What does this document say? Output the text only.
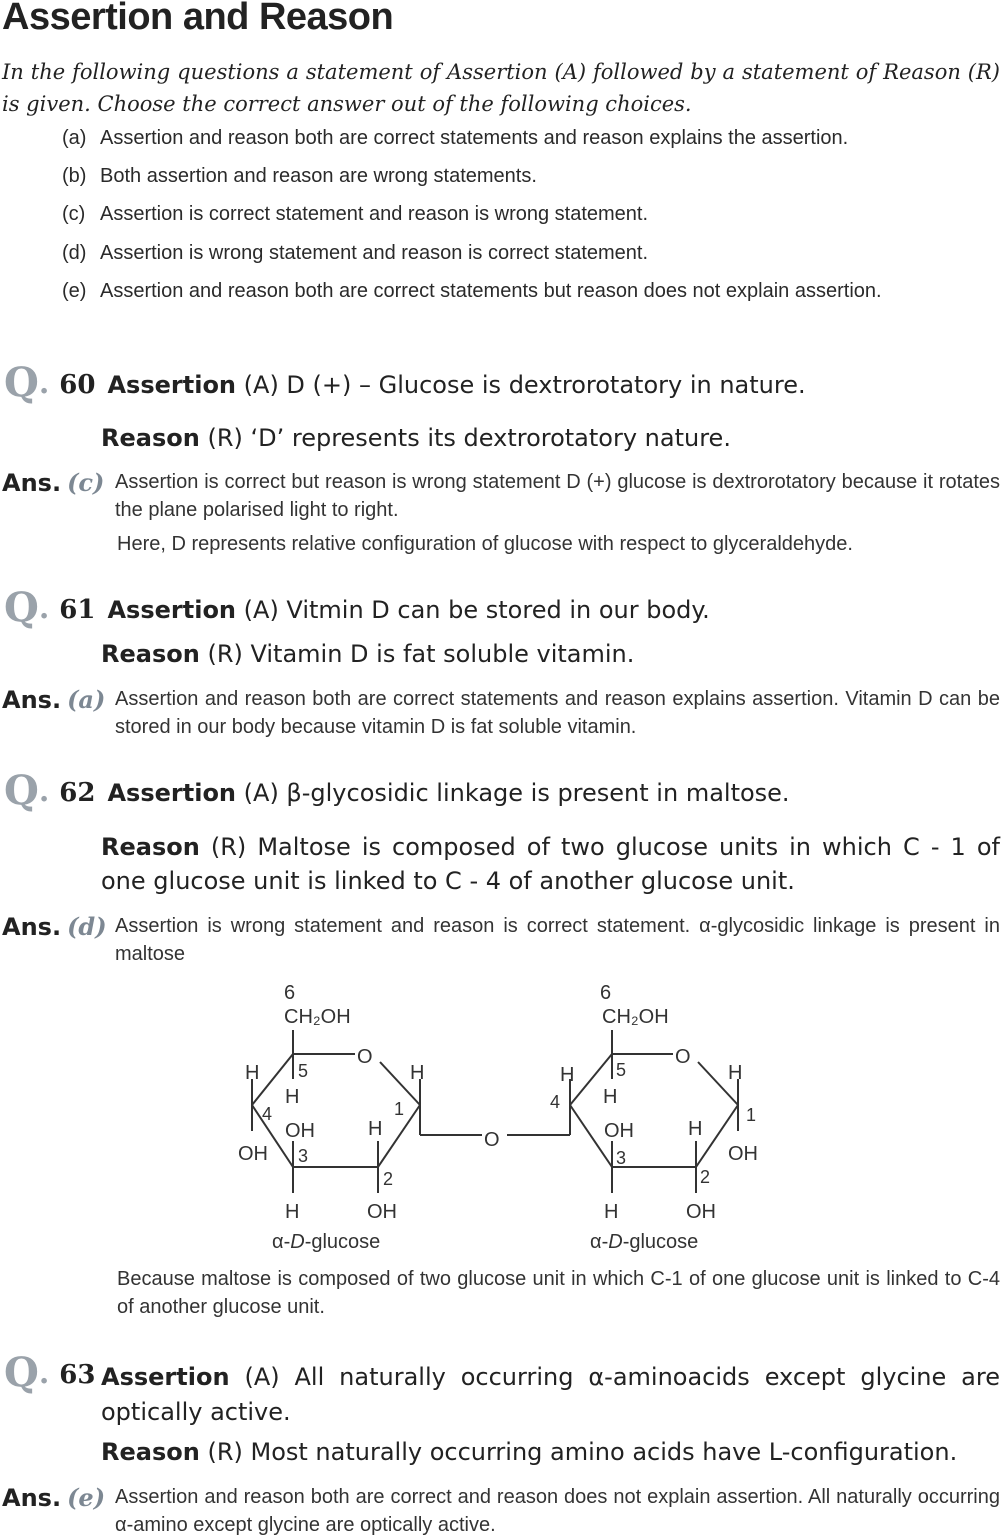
Assertion and Reason
In the following questions a statement of Assertion (A) followed by a statement of Reason (R) is given. Choose the correct answer out of the following choices.
(a) Assertion and reason both are correct statements and reason explains the assertion.
(b) Both assertion and reason are wrong statements.
(c) Assertion is correct statement and reason is wrong statement.
(d) Assertion is wrong statement and reason is correct statement.
(e) Assertion and reason both are correct statements but reason does not explain assertion.
Q. 60 Assertion (A) D (+) – Glucose is dextrorotatory in nature.
Reason (R) ‘D’ represents its dextrorotatory nature.
Ans. (c) Assertion is correct but reason is wrong statement D (+) glucose is dextrorotatory because it rotates the plane polarised light to right.
Here, D represents relative configuration of glucose with respect to glyceraldehyde.
Q. 61 Assertion (A) Vitmin D can be stored in our body.
Reason (R) Vitamin D is fat soluble vitamin.
Ans. (a) Assertion and reason both are correct statements and reason explains assertion. Vitamin D can be stored in our body because vitamin D is fat soluble vitamin.
Q. 62 Assertion (A) β-glycosidic linkage is present in maltose.
Reason (R) Maltose is composed of two glucose units in which C - 1 of one glucose unit is linked to C - 4 of another glucose unit.
Ans. (d) Assertion is wrong statement and reason is correct statement. α-glycosidic linkage is present in maltose
6
CH₂OH
O
H 5	H
H
4	1
OH	H
OH 3
2
H	OH
α-D-glucose
O
6
CH₂OH
O
H 5	H
H
4
1
OH	H
OH
3
2
H	OH
α-D-glucose
Because maltose is composed of two glucose unit in which C-1 of one glucose unit is linked to C-4 of another glucose unit.
Q. 63 Assertion (A) All naturally occurring α-aminoacids except glycine are optically active.
Reason (R) Most naturally occurring amino acids have L-configuration.
Ans. (e) Assertion and reason both are correct and reason does not explain assertion. All naturally occurring α-amino except glycine are optically active.
